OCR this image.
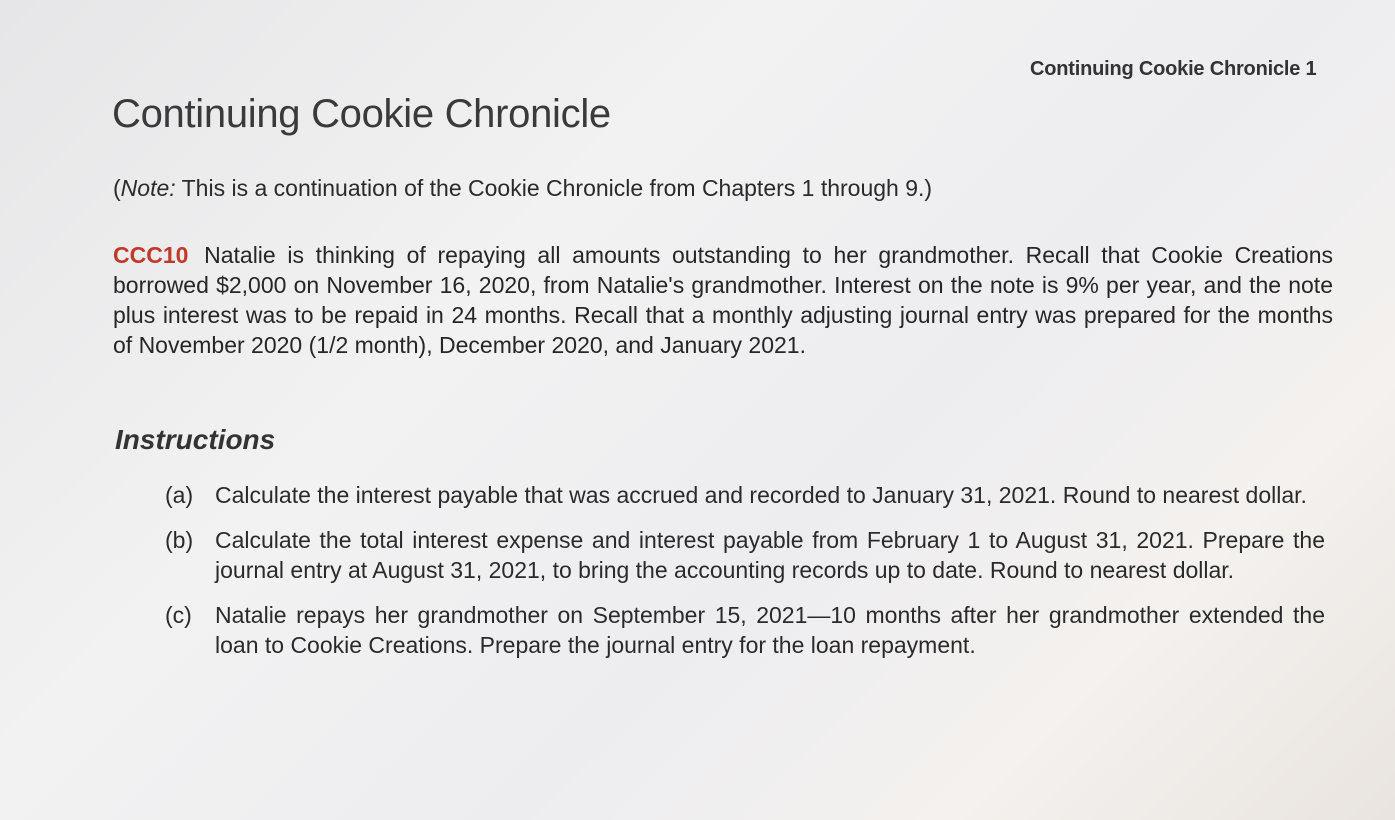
Continuing Cookie Chronicle 1
Continuing Cookie Chronicle
(Note: This is a continuation of the Cookie Chronicle from Chapters 1 through 9.)
CCC10 Natalie is thinking of repaying all amounts outstanding to her grandmother. Recall that Cookie Creations borrowed $2,000 on November 16, 2020, from Natalie's grandmother. Interest on the note is 9% per year, and the note plus interest was to be repaid in 24 months. Recall that a monthly adjusting journal entry was prepared for the months of November 2020 (1/2 month), December 2020, and January 2021.
Instructions
(a) Calculate the interest payable that was accrued and recorded to January 31, 2021. Round to nearest dollar.
(b) Calculate the total interest expense and interest payable from February 1 to August 31, 2021. Prepare the journal entry at August 31, 2021, to bring the accounting records up to date. Round to nearest dollar.
(c)	Natalie repays her grandmother on September 15, 2021—10 months after her grandmother extended the loan to Cookie Creations. Prepare the journal entry for the loan repayment.
